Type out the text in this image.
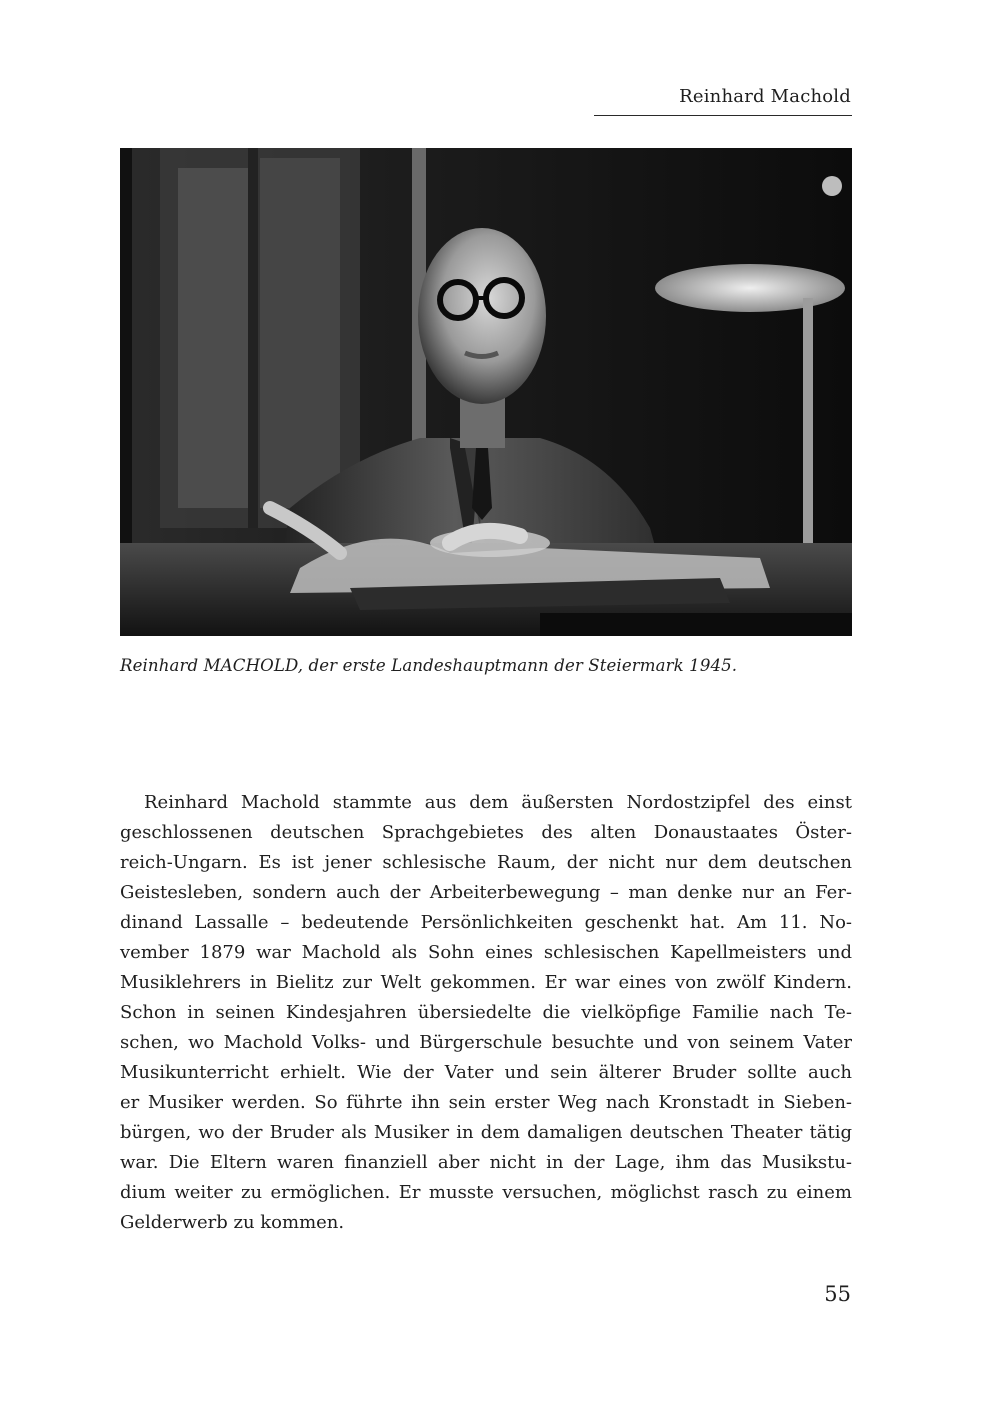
Reinhard Machold
Reinhard MACHOLD, der erste Landeshauptmann der Steiermark 1945.
Reinhard Machold stammte aus dem äußersten Nordostzipfel des einst
geschlossenen deutschen Sprachgebietes des alten Donaustaates Öster-
reich-Ungarn. Es ist jener schlesische Raum, der nicht nur dem deutschen
Geistesleben, sondern auch der Arbeiterbewegung – man denke nur an Fer-
dinand Lassalle – bedeutende Persönlichkeiten geschenkt hat. Am 11. No-
vember 1879 war Machold als Sohn eines schlesischen Kapellmeisters und
Musiklehrers in Bielitz zur Welt gekommen. Er war eines von zwölf Kindern.
Schon in seinen Kindesjahren übersiedelte die vielköpfige Familie nach Te-
schen, wo Machold Volks- und Bürgerschule besuchte und von seinem Vater
Musikunterricht erhielt. Wie der Vater und sein älterer Bruder sollte auch
er Musiker werden. So führte ihn sein erster Weg nach Kronstadt in Sieben-
bürgen, wo der Bruder als Musiker in dem damaligen deutschen Theater tätig
war. Die Eltern waren finanziell aber nicht in der Lage, ihm das Musikstu-
dium weiter zu ermöglichen. Er musste versuchen, möglichst rasch zu einem
Gelderwerb zu kommen.
55
